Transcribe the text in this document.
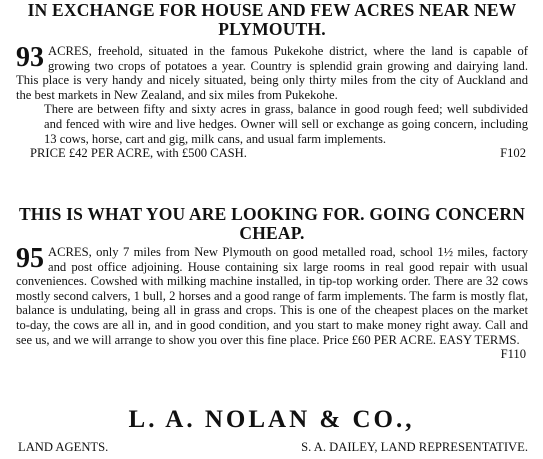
IN EXCHANGE FOR HOUSE AND FEW ACRES NEAR NEW PLYMOUTH.
93 ACRES, freehold, situated in the famous Pukekohe district, where the land is capable of growing two crops of potatoes a year. Country is splendid grain growing and dairying land. This place is very handy and nicely situated, being only thirty miles from the city of Auckland and the best markets in New Zealand, and six miles from Pukekohe.
There are between fifty and sixty acres in grass, balance in good rough feed; well subdivided and fenced with wire and live hedges. Owner will sell or exchange as going concern, including 13 cows, horse, cart and gig, milk cans, and usual farm implements.
PRICE £42 PER ACRE, with £500 CASH.	F102
THIS IS WHAT YOU ARE LOOKING FOR. GOING CONCERN CHEAP.
95 ACRES, only 7 miles from New Plymouth on good metalled road, school 1½ miles, factory and post office adjoining. House containing six large rooms in real good repair with usual conveniences. Cowshed with milking machine installed, in tip-top working order. There are 32 cows mostly second calvers, 1 bull, 2 horses and a good range of farm implements. The farm is mostly flat, balance is undulating, being all in grass and crops. This is one of the cheapest places on the market to-day, the cows are all in, and in good condition, and you start to make money right away. Call and see us, and we will arrange to show you over this fine place. Price £60 PER ACRE. EASY TERMS.
F110
L. A. NOLAN & CO.,
LAND AGENTS.	S. A. DAILEY, LAND REPRESENTATIVE.
